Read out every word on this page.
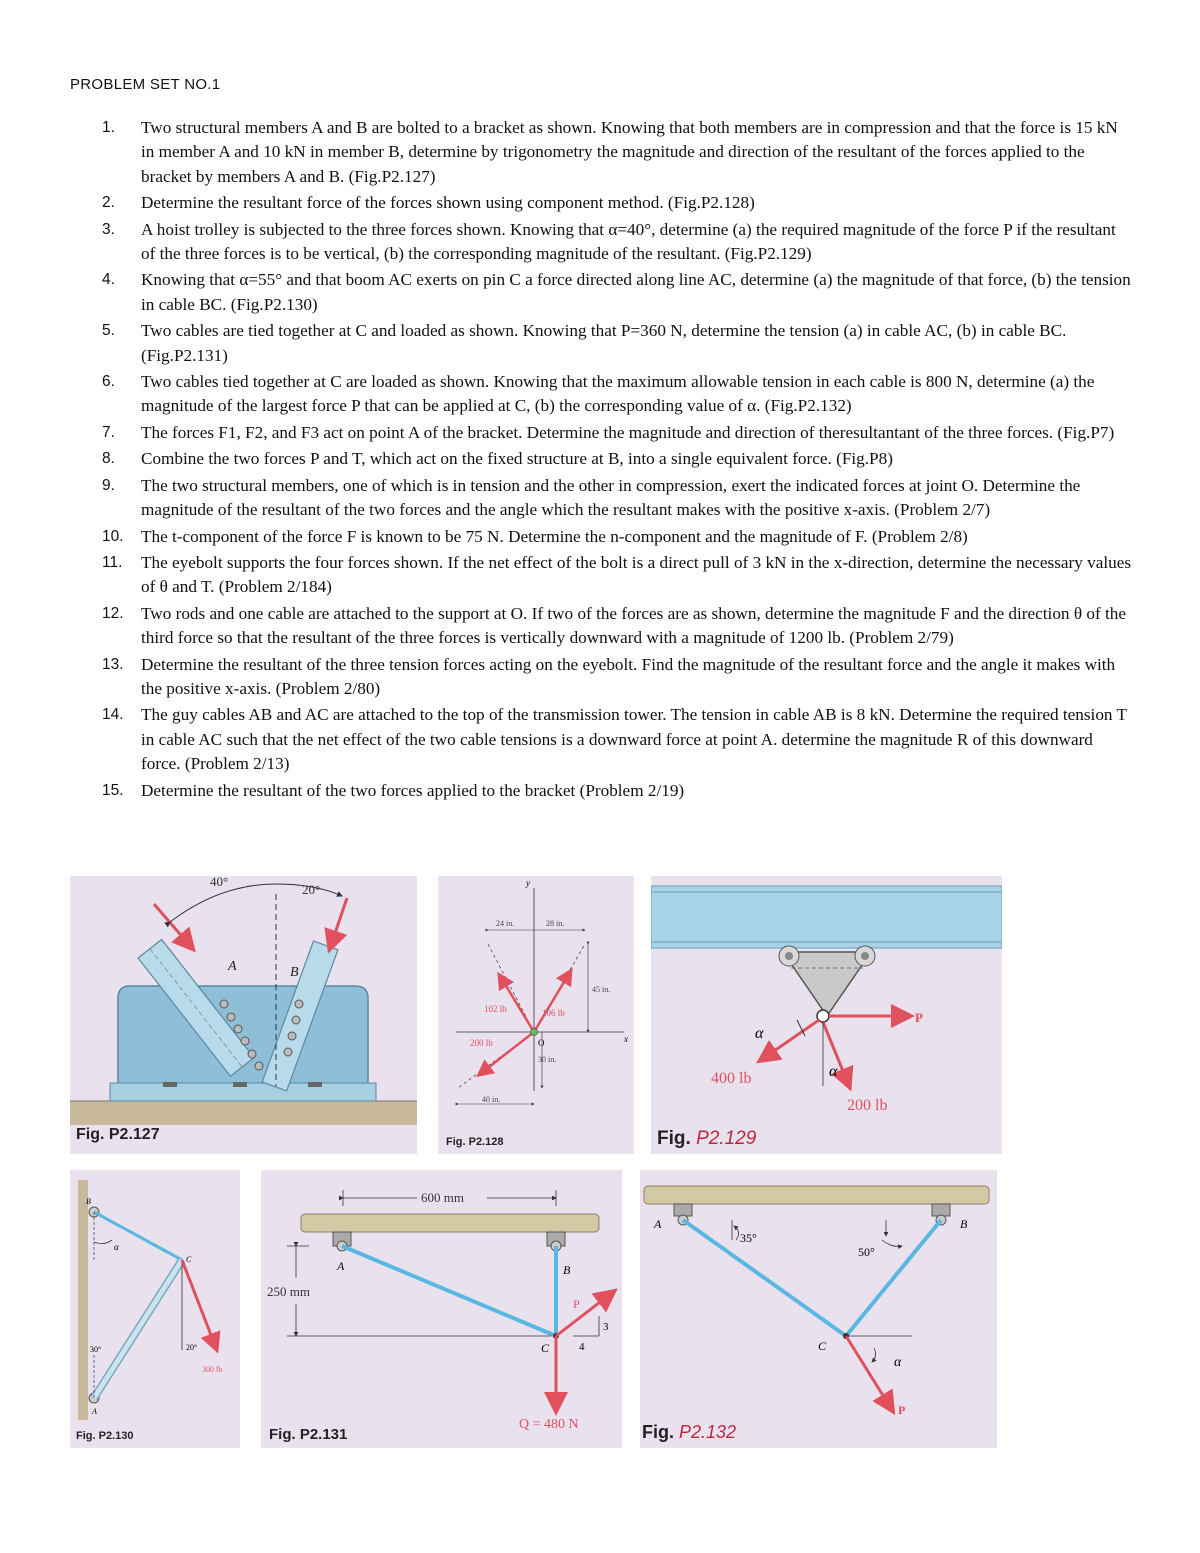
PROBLEM SET NO.1
1.	Two structural members A and B are bolted to a bracket as shown. Knowing that both members are in compression and that the force is 15 kN in member A and 10 kN in member B, determine by trigonometry the magnitude and direction of the resultant of the forces applied to the bracket by members A and B. (Fig.P2.127)
2.	Determine the resultant force of the forces shown using component method. (Fig.P2.128)
3.	A hoist trolley is subjected to the three forces shown. Knowing that α=40°, determine (a) the required magnitude of the force P if the resultant of the three forces is to be vertical, (b) the corresponding magnitude of the resultant. (Fig.P2.129)
4.	Knowing that α=55° and that boom AC exerts on pin C a force directed along line AC, determine (a) the magnitude of that force, (b) the tension in cable BC. (Fig.P2.130)
5.	Two cables are tied together at C and loaded as shown. Knowing that P=360 N, determine the tension (a) in cable AC, (b) in cable BC. (Fig.P2.131)
6.	Two cables tied together at C are loaded as shown. Knowing that the maximum allowable tension in each cable is 800 N, determine (a) the magnitude of the largest force P that can be applied at C, (b) the corresponding value of α. (Fig.P2.132)
7.	The forces F1, F2, and F3 act on point A of the bracket. Determine the magnitude and direction of theresultantant of the three forces. (Fig.P7)
8.	Combine the two forces P and T, which act on the fixed structure at B, into a single equivalent force. (Fig.P8)
9.	The two structural members, one of which is in tension and the other in compression, exert the indicated forces at joint O. Determine the magnitude of the resultant of the two forces and the angle which the resultant makes with the positive x-axis. (Problem 2/7)
10.	The t-component of the force F is known to be 75 N. Determine the n-component and the magnitude of F. (Problem 2/8)
11.	The eyebolt supports the four forces shown. If the net effect of the bolt is a direct pull of 3 kN in the x-direction, determine the necessary values of θ and T. (Problem 2/184)
12.	Two rods and one cable are attached to the support at O. If two of the forces are as shown, determine the magnitude F and the direction θ of the third force so that the resultant of the three forces is vertically downward with a magnitude of 1200 lb. (Problem 2/79)
13.	Determine the resultant of the three tension forces acting on the eyebolt. Find the magnitude of the resultant force and the angle it makes with the positive x-axis. (Problem 2/80)
14.	The guy cables AB and AC are attached to the top of the transmission tower. The tension in cable AB is 8 kN. Determine the required tension T in cable AC such that the net effect of the two cable tensions is a downward force at point A. determine the magnitude R of this downward force. (Problem 2/13)
15.	Determine the resultant of the two forces applied to the bracket (Problem 2/19)
40°
20°
A	B
Fig. P2.127
y
x
O
24 in.	28 in.
45 in.
30 in.
40 in.
102 lb	106 lb
200 lb
Fig. P2.128
α
α
P
400 lb
200 lb
Fig. P2.129
B
C
A
α
30°	20°
300 lb
Fig. P2.130
600 mm
250 mm
A	B
C
P
3
4
Q = 480 N
Fig. P2.131
A	B
C
35°
50°
α
P
Fig. P2.132
